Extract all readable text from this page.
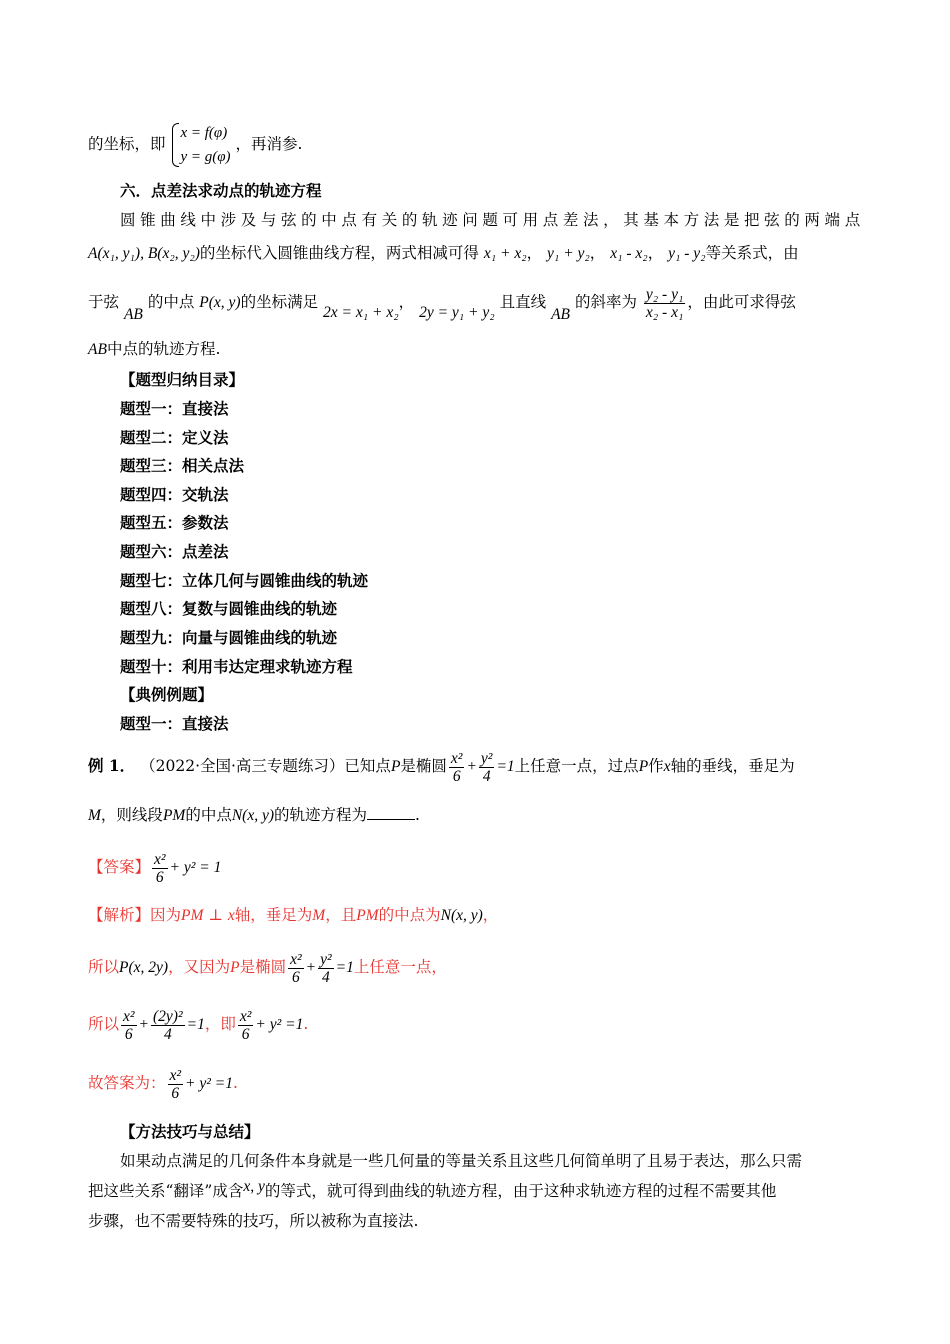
的坐标，即
x = f(φ)
y = g(φ)
，再消参.
六．点差法求动点的轨迹方程
圆锥曲线中涉及与弦的中点有关的轨迹问题可用点差法，其基本方法是把弦的两端点
A(x₁, y₁), B(x₂, y₂)的坐标代入圆锥曲线方程，两式相减可得 x₁ + x₂， y₁ + y₂， x₁ - x₂， y₁ - y₂等关系式，由
于弦 AB 的中点 P(x, y)的坐标满足 2x = x₁ + x₂， 2y = y₁ + y₂ 且直线 AB 的斜率为 $\frac{\text{y₂ - y₁}}{\text{x₂ - x₁}}$ ，由此可求得弦
AB中点的轨迹方程.
【题型归纳目录】
题型一：直接法
题型二：定义法
题型三：相关点法
题型四：交轨法
题型五：参数法
题型六：点差法
题型七：立体几何与圆锥曲线的轨迹
题型八：复数与圆锥曲线的轨迹
题型九：向量与圆锥曲线的轨迹
题型十：利用韦达定理求轨迹方程
【典例例题】
题型一：直接法
例 1． （2022·全国·高三专题练习）已知点P是椭圆 $\frac{\text{x²}}{6} + \frac{\text{y²}}{4} =1$上任意一点，过点P作x轴的垂线，垂足为
M，则线段PM的中点N(x, y)的轨迹方程为	.
【答案】 $\frac{\text{x²}}{6} + y^2 = 1$
【解析】因为PM ⊥ x轴，垂足为M，且PM的中点为N(x, y)，
所以P(x, 2y)，又因为P是椭圆 $\frac{\text{x²}}{6} + \frac{\text{y²}}{4} =1$上任意一点，
所以 $\frac{\text{x²}}{6} + \frac{\text{(2y)²}}{4} =1$，即 $\frac{\text{x²}}{6} + y^2 =1$.
故答案为： $\frac{\text{x²}}{6} + y^2 =1$.
【方法技巧与总结】
如果动点满足的几何条件本身就是一些几何量的等量关系且这些几何简单明了且易于表达，那么只需
把这些关系“翻译”成含x, y的等式，就可得到曲线的轨迹方程，由于这种求轨迹方程的过程不需要其他
步骤，也不需要特殊的技巧，所以被称为直接法.
